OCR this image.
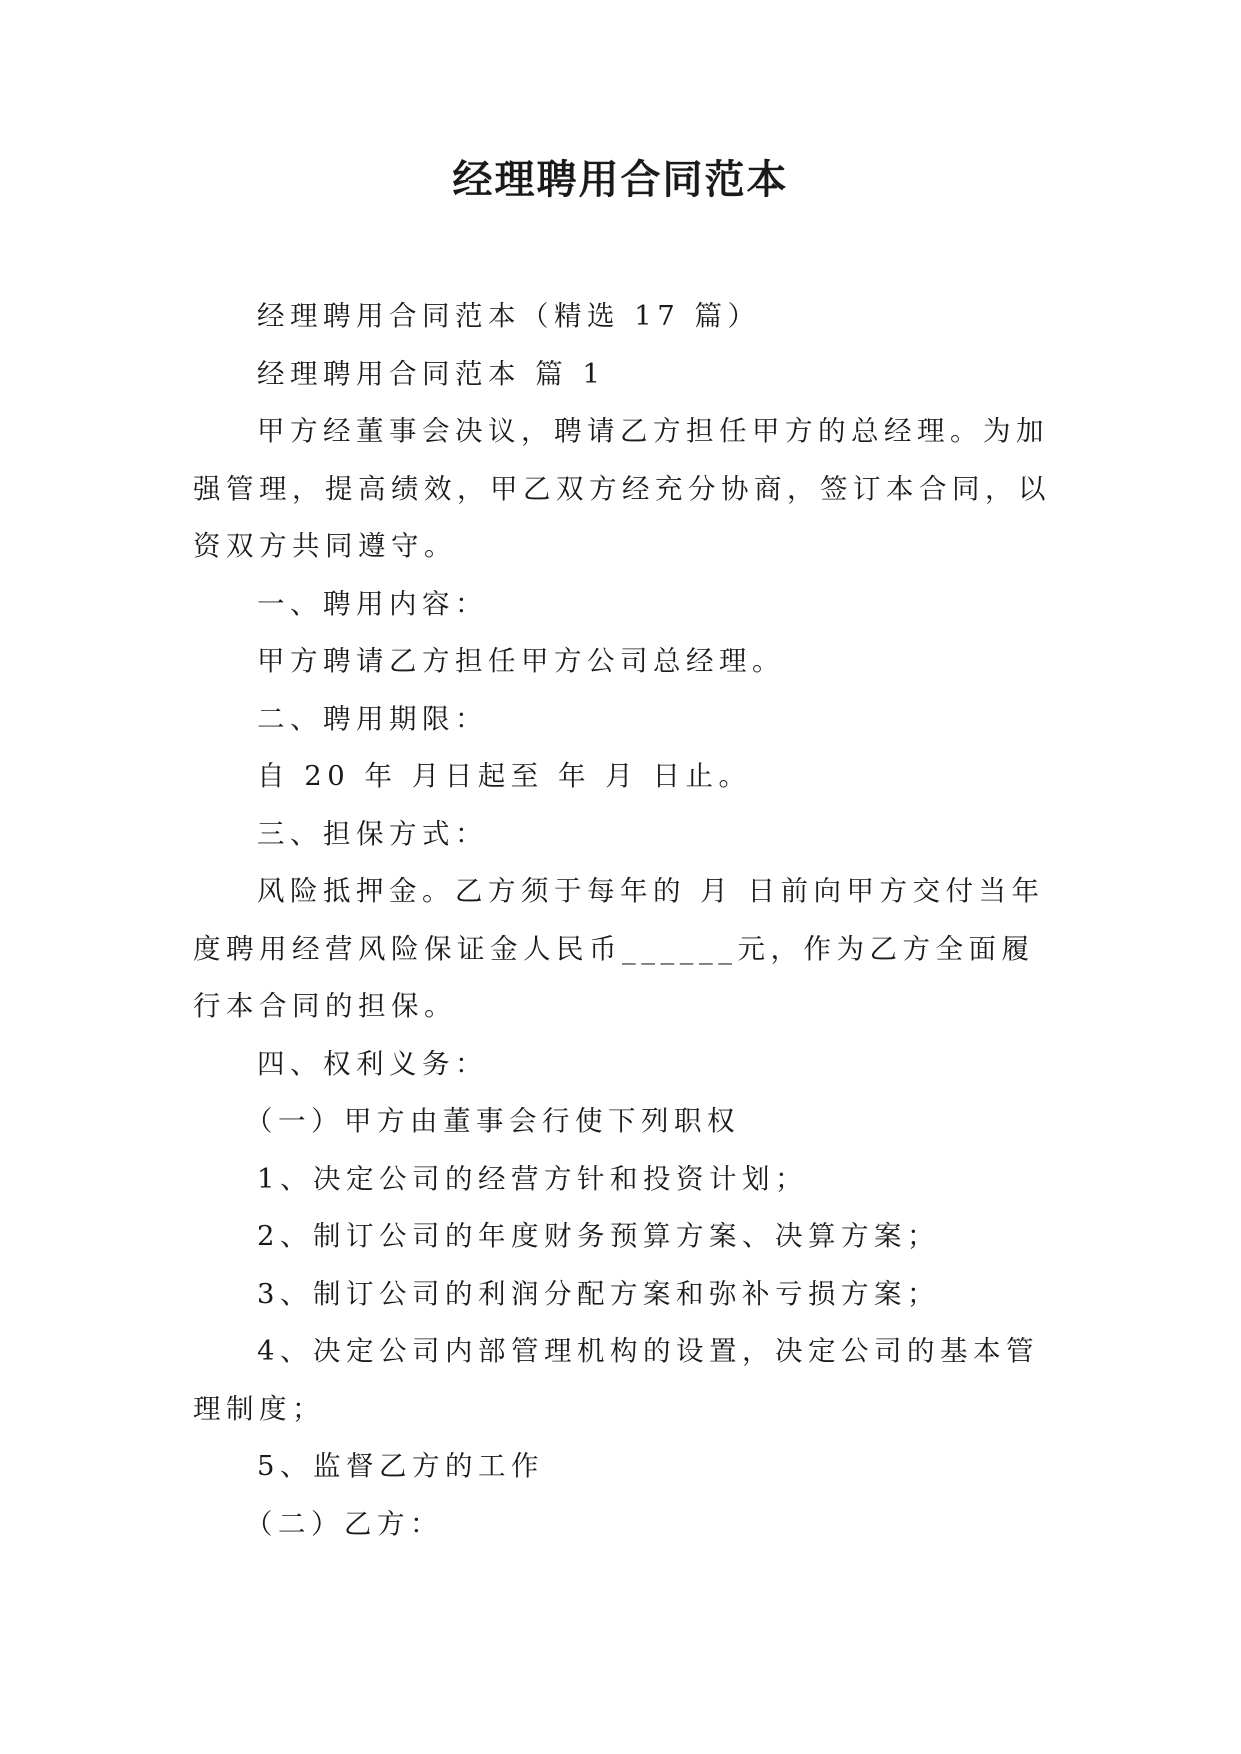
经理聘用合同范本

经理聘用合同范本（精选 17 篇）

经理聘用合同范本 篇 1

甲方经董事会决议，聘请乙方担任甲方的总经理。为加强管理，提高绩效，甲乙双方经充分协商，签订本合同，以资双方共同遵守。

一、聘用内容：

甲方聘请乙方担任甲方公司总经理。

二、聘用期限：

自 20 年 月日起至 年 月 日止。

三、担保方式：

风险抵押金。乙方须于每年的 月 日前向甲方交付当年度聘用经营风险保证金人民币______元，作为乙方全面履行本合同的担保。

四、权利义务：

（一）甲方由董事会行使下列职权

1、决定公司的经营方针和投资计划；

2、制订公司的年度财务预算方案、决算方案；

3、制订公司的利润分配方案和弥补亏损方案；

4、决定公司内部管理机构的设置，决定公司的基本管理制度；

5、监督乙方的工作

（二）乙方：
